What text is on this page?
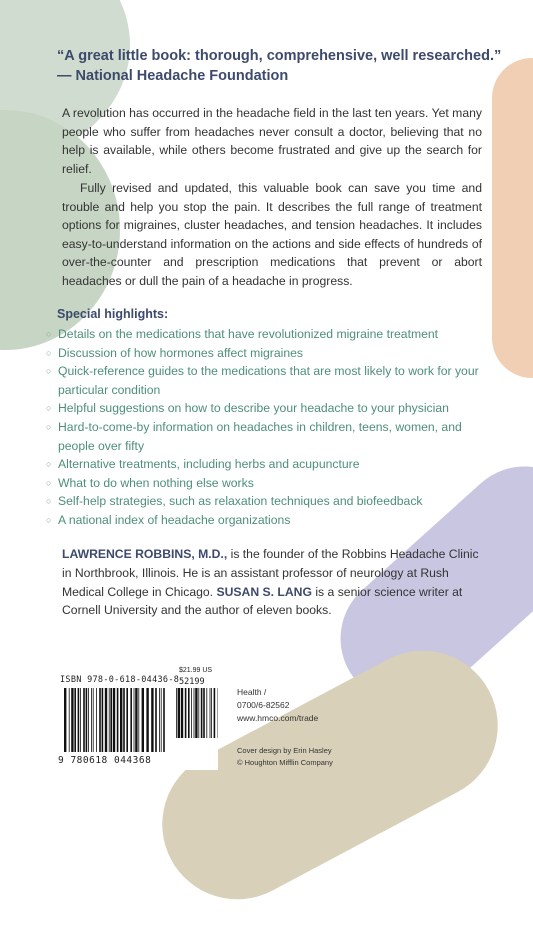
“A great little book: thorough, comprehensive, well researched.”
— National Headache Foundation
A revolution has occurred in the headache field in the last ten years. Yet many people who suffer from headaches never consult a doctor, believing that no help is available, while others become frustrated and give up the search for relief.
Fully revised and updated, this valuable book can save you time and trouble and help you stop the pain. It describes the full range of treatment options for migraines, cluster headaches, and tension headaches. It includes easy-to-understand information on the actions and side effects of hundreds of over-the-counter and prescription medications that prevent or abort headaches or dull the pain of a headache in progress.
Special highlights:
○ Details on the medications that have revolutionized migraine treatment
○ Discussion of how hormones affect migraines
○ Quick-reference guides to the medications that are most likely to work for your particular condition
○ Helpful suggestions on how to describe your headache to your physician
○ Hard-to-come-by information on headaches in children, teens, women, and people over fifty
○ Alternative treatments, including herbs and acupuncture
○ What to do when nothing else works
○ Self-help strategies, such as relaxation techniques and biofeedback
○ A national index of headache organizations
LAWRENCE ROBBINS, M.D., is the founder of the Robbins Headache Clinic in Northbrook, Illinois. He is an assistant professor of neurology at Rush Medical College in Chicago. SUSAN S. LANG is a senior science writer at Cornell University and the author of eleven books.
$21.99 US
ISBN 978-0-618-04436-8 52199
9 780618 044368
Health /
0700/6-82562
www.hmco.com/trade
Cover design by Erin Hasley
© Houghton Mifflin Company
